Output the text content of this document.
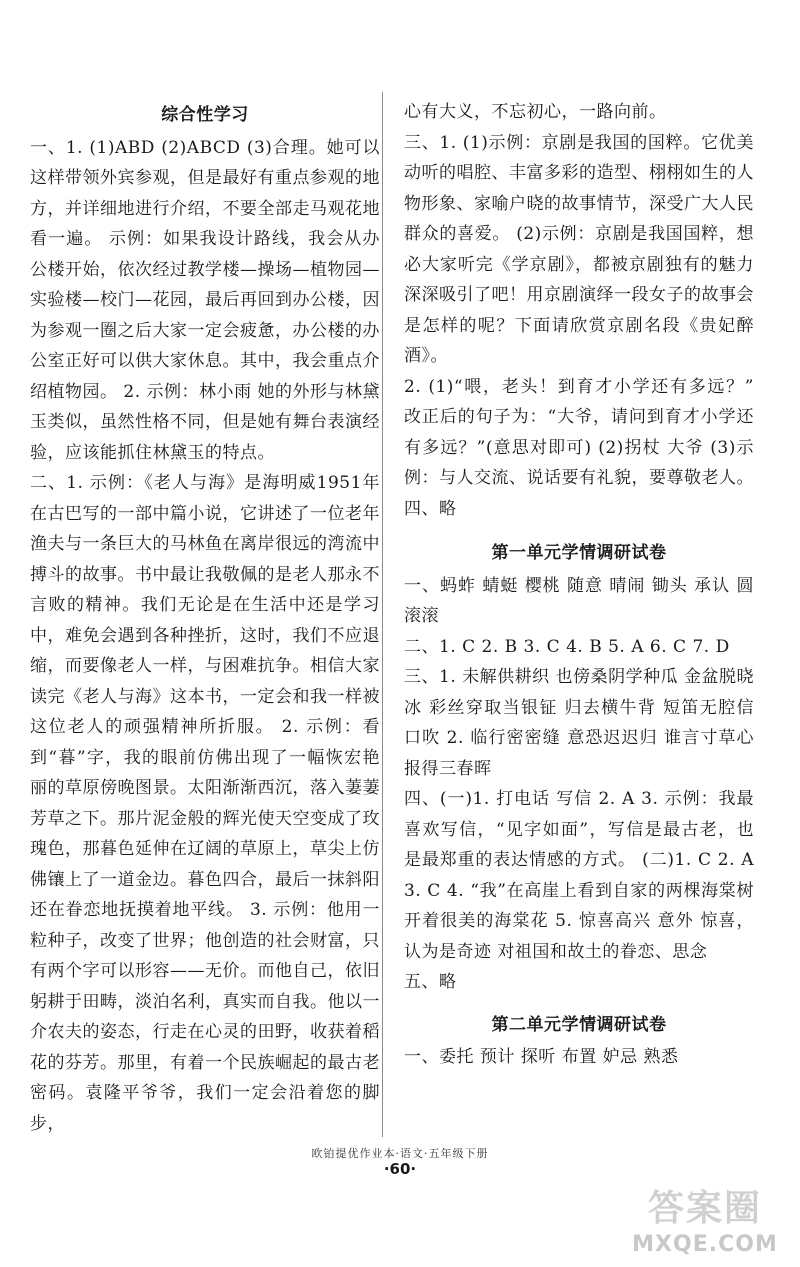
综合性学习

一、1. (1)ABD (2)ABCD (3)合理。她可以这样带领外宾参观，但是最好有重点参观的地方，并详细地进行介绍，不要全部走马观花地看一遍。 示例：如果我设计路线，我会从办公楼开始，依次经过教学楼—操场—植物园—实验楼—校门—花园，最后再回到办公楼，因为参观一圈之后大家一定会疲惫，办公楼的办公室正好可以供大家休息。其中，我会重点介绍植物园。 2. 示例：林小雨 她的外形与林黛玉类似，虽然性格不同，但是她有舞台表演经验，应该能抓住林黛玉的特点。

二、1. 示例：《老人与海》是海明威1951年在古巴写的一部中篇小说，它讲述了一位老年渔夫与一条巨大的马林鱼在离岸很远的湾流中搏斗的故事。书中最让我敬佩的是老人那永不言败的精神。我们无论是在生活中还是学习中，难免会遇到各种挫折，这时，我们不应退缩，而要像老人一样，与困难抗争。相信大家读完《老人与海》这本书，一定会和我一样被这位老人的顽强精神所折服。 2. 示例：看到“暮”字，我的眼前仿佛出现了一幅恢宏艳丽的草原傍晚图景。太阳渐渐西沉，落入萋萋芳草之下。那片泥金般的辉光使天空变成了玫瑰色，那暮色延伸在辽阔的草原上，草尖上仿佛镶上了一道金边。暮色四合，最后一抹斜阳还在眷恋地抚摸着地平线。 3. 示例：他用一粒种子，改变了世界；他创造的社会财富，只有两个字可以形容——无价。而他自己，依旧躬耕于田畴，淡泊名利，真实而自我。他以一介农夫的姿态，行走在心灵的田野，收获着稻花的芬芳。那里，有着一个民族崛起的最古老密码。袁隆平爷爷，我们一定会沿着您的脚步，

心有大义，不忘初心，一路向前。

三、1. (1)示例：京剧是我国的国粹。它优美动听的唱腔、丰富多彩的造型、栩栩如生的人物形象、家喻户晓的故事情节，深受广大人民群众的喜爱。 (2)示例：京剧是我国国粹，想必大家听完《学京剧》，都被京剧独有的魅力深深吸引了吧！用京剧演绎一段女子的故事会是怎样的呢？下面请欣赏京剧名段《贵妃醉酒》。

2. (1)“喂，老头！到育才小学还有多远？” 改正后的句子为：“大爷，请问到育才小学还有多远？”(意思对即可) (2)拐杖 大爷 (3)示例：与人交流、说话要有礼貌，要尊敬老人。

四、略

第一单元学情调研试卷

一、蚂蚱 蜻蜓 樱桃 随意 晴闹 锄头 承认 圆滚滚

二、1. C 2. B 3. C 4. B 5. A 6. C 7. D

三、1. 未解供耕织 也傍桑阴学种瓜 金盆脱晓冰 彩丝穿取当银钲 归去横牛背 短笛无腔信口吹 2. 临行密密缝 意恐迟迟归 谁言寸草心 报得三春晖

四、(一)1. 打电话 写信 2. A 3. 示例：我最喜欢写信，“见字如面”，写信是最古老，也是最郑重的表达情感的方式。 (二)1. C 2. A 3. C 4. “我”在高崖上看到自家的两棵海棠树开着很美的海棠花 5. 惊喜高兴 意外 惊喜，认为是奇迹 对祖国和故土的眷恋、思念

五、略

第二单元学情调研试卷

一、委托 预计 探听 布置 妒忌 熟悉

欧铂提优作业本·语文·五年级下册
·60·
答案圈
MXQE.COM
